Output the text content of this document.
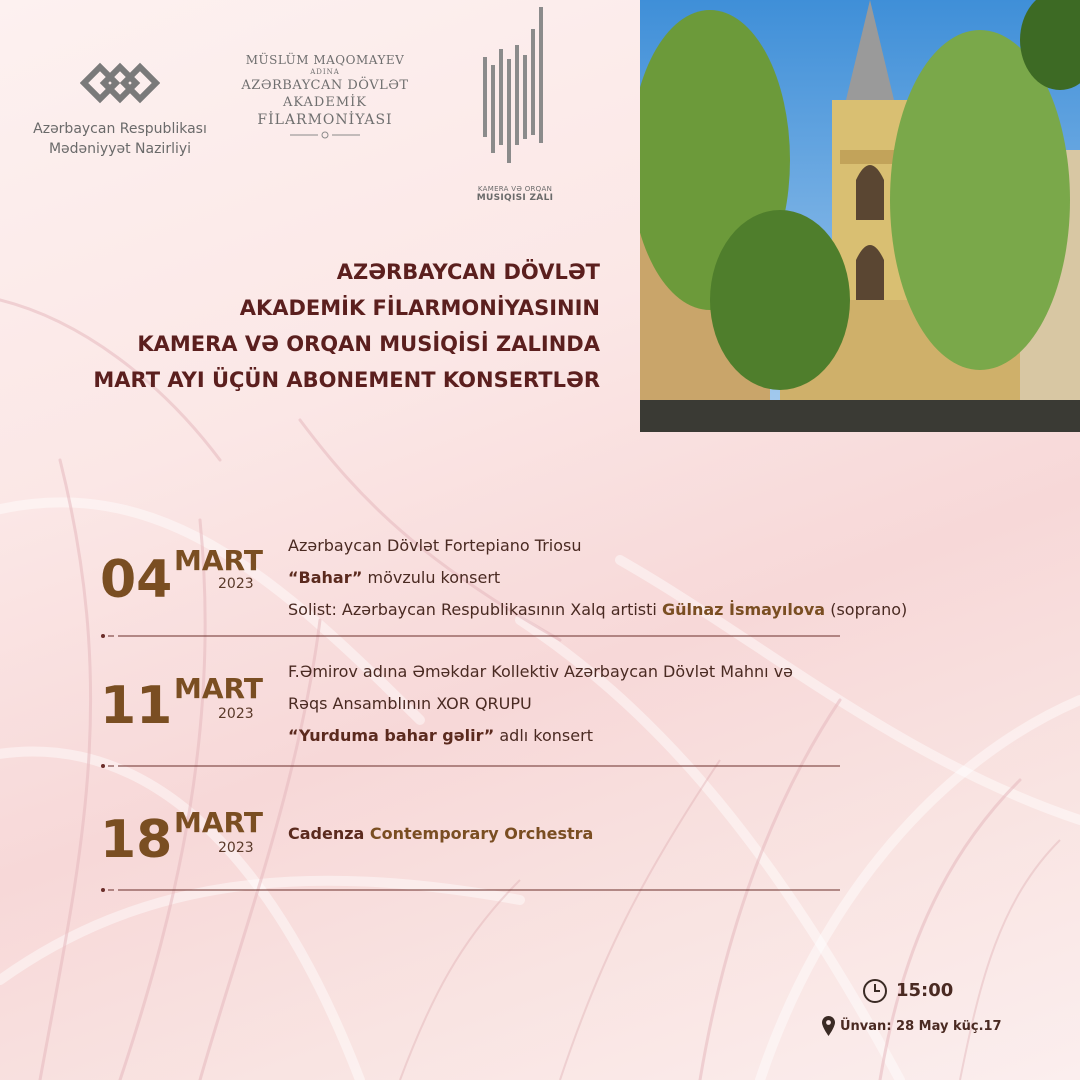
Azərbaycan Respublikası
Mədəniyyət Nazirliyi
MÜSLÜM MAQOMAYEV
ADINA
AZƏRBAYCAN DÖVLƏT
AKADEMİK
FİLARMONİYASI
KAMERA VƏ ORQAN
MUSIQISI ZALI
AZƏRBAYCAN DÖVLƏT
AKADEMİK FİLARMONİYASININ
KAMERA VƏ ORQAN MUSİQİSİ ZALINDA
MART AYI ÜÇÜN ABONEMENT KONSERTLƏR
04 MART
2023
Azərbaycan Dövlət Fortepiano Triosu
“Bahar” mövzulu konsert
Solist: Azərbaycan Respublikasının Xalq artisti Gülnaz İsmayılova (soprano)
11 MART
2023
F.Əmirov adına Əməkdar Kollektiv Azərbaycan Dövlət Mahnı və
Rəqs Ansamblının XOR QRUPU
“Yurduma bahar gəlir” adlı konsert
18 MART
2023
Cadenza Contemporary Orchestra
15:00
Ünvan: 28 May küç.17
